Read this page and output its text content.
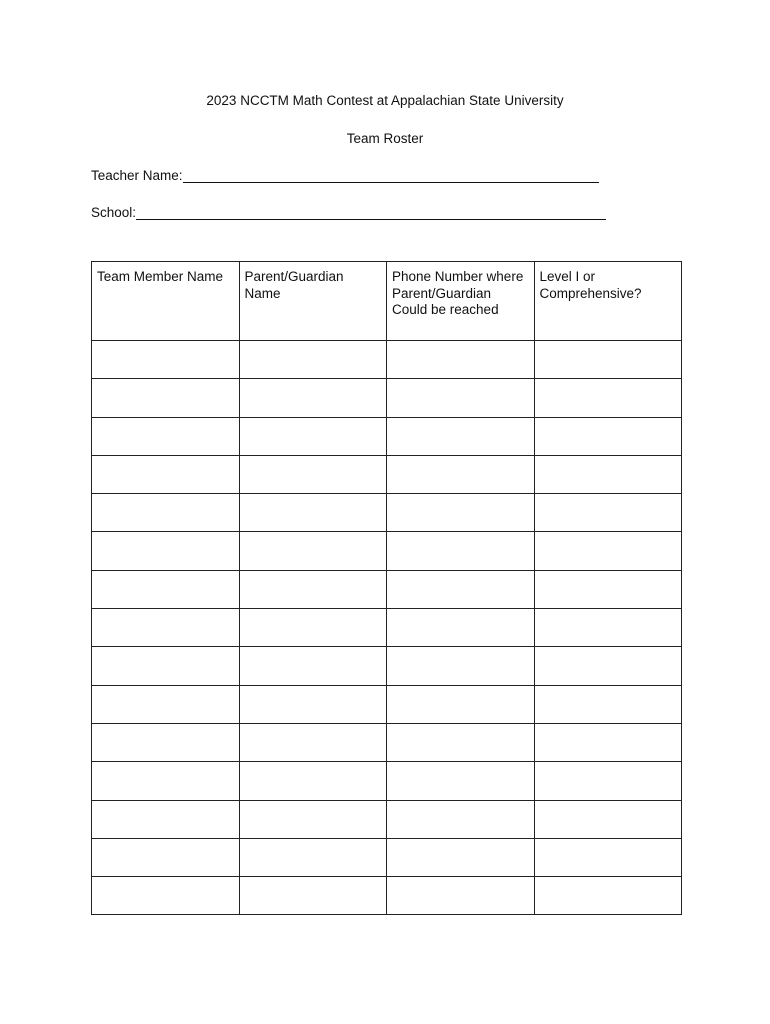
2023 NCCTM Math Contest at Appalachian State University
Team Roster
Teacher Name:
School:
Team Member Name	Parent/Guardian Name	Phone Number where Parent/Guardian Could be reached	Level I or Comprehensive?
